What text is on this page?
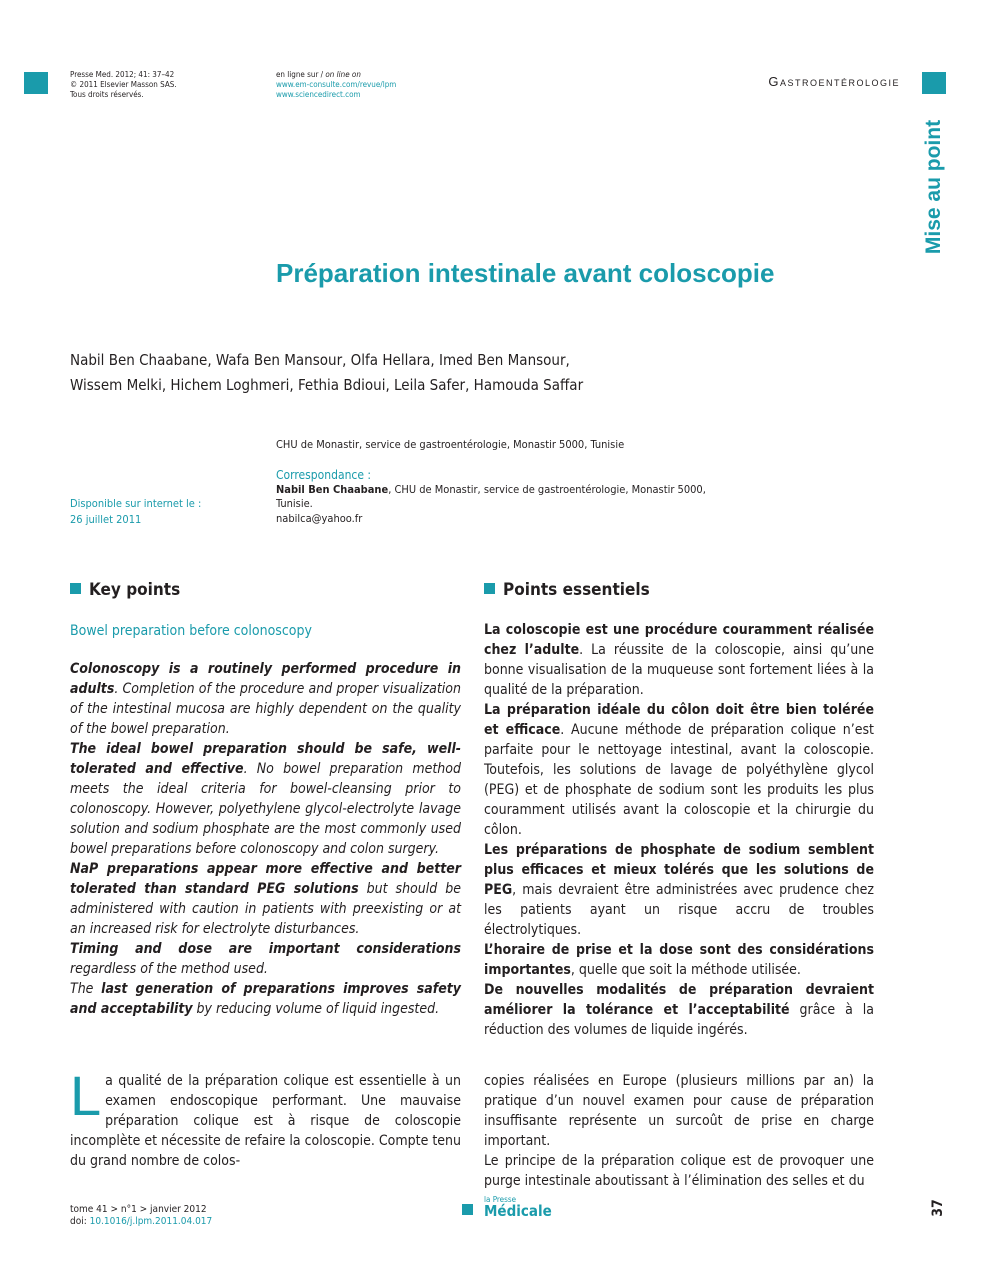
Presse Med. 2012; 41: 37–42
© 2011 Elsevier Masson SAS.
Tous droits réservés.
en ligne sur / on line on
www.em-consulte.com/revue/lpm
www.sciencedirect.com
Gastroentérologie
Mise au point
Préparation intestinale avant coloscopie
Nabil Ben Chaabane, Wafa Ben Mansour, Olfa Hellara, Imed Ben Mansour,
Wissem Melki, Hichem Loghmeri, Fethia Bdioui, Leila Safer, Hamouda Saffar
CHU de Monastir, service de gastroentérologie, Monastir 5000, Tunisie
Correspondance :
Nabil Ben Chaabane, CHU de Monastir, service de gastroentérologie, Monastir 5000,
Tunisie.
nabilca@yahoo.fr
Disponible sur internet le :
26 juillet 2011
Key points
Bowel preparation before colonoscopy

Colonoscopy is a routinely performed procedure in adults. Completion of the procedure and proper visualization of the intestinal mucosa are highly dependent on the quality of the bowel preparation.

The ideal bowel preparation should be safe, well-tolerated and effective. No bowel preparation method meets the ideal criteria for bowel-cleansing prior to colonoscopy. However, polyethylene glycol-electrolyte lavage solution and sodium phosphate are the most commonly used bowel preparations before colonoscopy and colon surgery.

NaP preparations appear more effective and better tolerated than standard PEG solutions but should be administered with caution in patients with preexisting or at an increased risk for electrolyte disturbances.

Timing and dose are important considerations regardless of the method used.

The last generation of preparations improves safety and acceptability by reducing volume of liquid ingested.

Points essentiels

La coloscopie est une procédure couramment réalisée chez l’adulte. La réussite de la coloscopie, ainsi qu’une bonne visualisation de la muqueuse sont fortement liées à la qualité de la préparation.

La préparation idéale du côlon doit être bien tolérée et efficace. Aucune méthode de préparation colique n’est parfaite pour le nettoyage intestinal, avant la coloscopie. Toutefois, les solutions de lavage de polyéthylène glycol (PEG) et de phosphate de sodium sont les produits les plus couramment utilisés avant la coloscopie et la chirurgie du côlon.

Les préparations de phosphate de sodium semblent plus efficaces et mieux tolérés que les solutions de PEG, mais devraient être administrées avec prudence chez les patients ayant un risque accru de troubles électrolytiques.

L’horaire de prise et la dose sont des considérations importantes, quelle que soit la méthode utilisée.

De nouvelles modalités de préparation devraient améliorer la tolérance et l’acceptabilité grâce à la réduction des volumes de liquide ingérés.

La qualité de la préparation colique est essentielle à un examen endoscopique performant. Une mauvaise préparation colique est à risque de coloscopie incomplète et nécessite de refaire la coloscopie. Compte tenu du grand nombre de colos-

copies réalisées en Europe (plusieurs millions par an) la pratique d’un nouvel examen pour cause de préparation insuffisante représente un surcoût de prise en charge important.

Le principe de la préparation colique est de provoquer une purge intestinale aboutissant à l’élimination des selles et du

tome 41 > n°1 > janvier 2012
doi: 10.1016/j.lpm.2011.04.017
la Presse
Médicale	37
